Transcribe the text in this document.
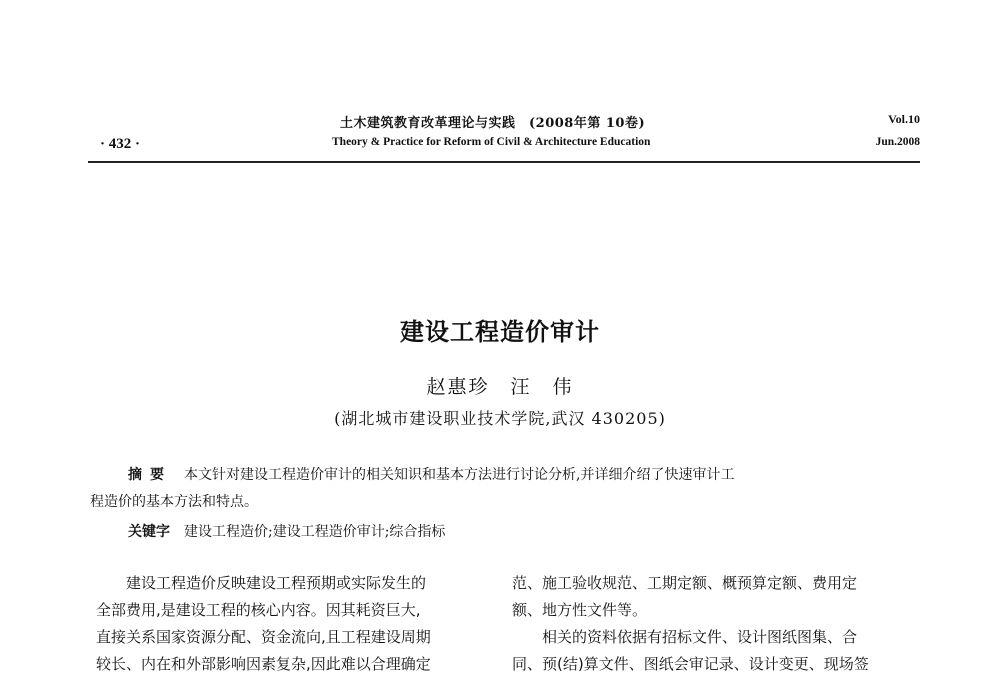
土木建筑教育改革理论与实践　(2008年第 10卷)
Theory & Practice for Reform of Civil & Architecture Education
· 432 ·
Vol.10
Jun.2008
建设工程造价审计
赵惠珍　汪　伟
(湖北城市建设职业技术学院,武汉 430205)
摘要 本文针对建设工程造价审计的相关知识和基本方法进行讨论分析,并详细介绍了快速审计工
程造价的基本方法和特点。
关键字 建设工程造价;建设工程造价审计;综合指标
　　建设工程造价反映建设工程预期或实际发生的
全部费用,是建设工程的核心内容。因其耗资巨大,
直接关系国家资源分配、资金流向,且工程建设周期
较长、内在和外部影响因素复杂,因此难以合理确定
范、施工验收规范、工期定额、概预算定额、费用定
额、地方性文件等。
　　相关的资料依据有招标文件、设计图纸图集、合
同、预(结)算文件、图纸会审记录、设计变更、现场签
